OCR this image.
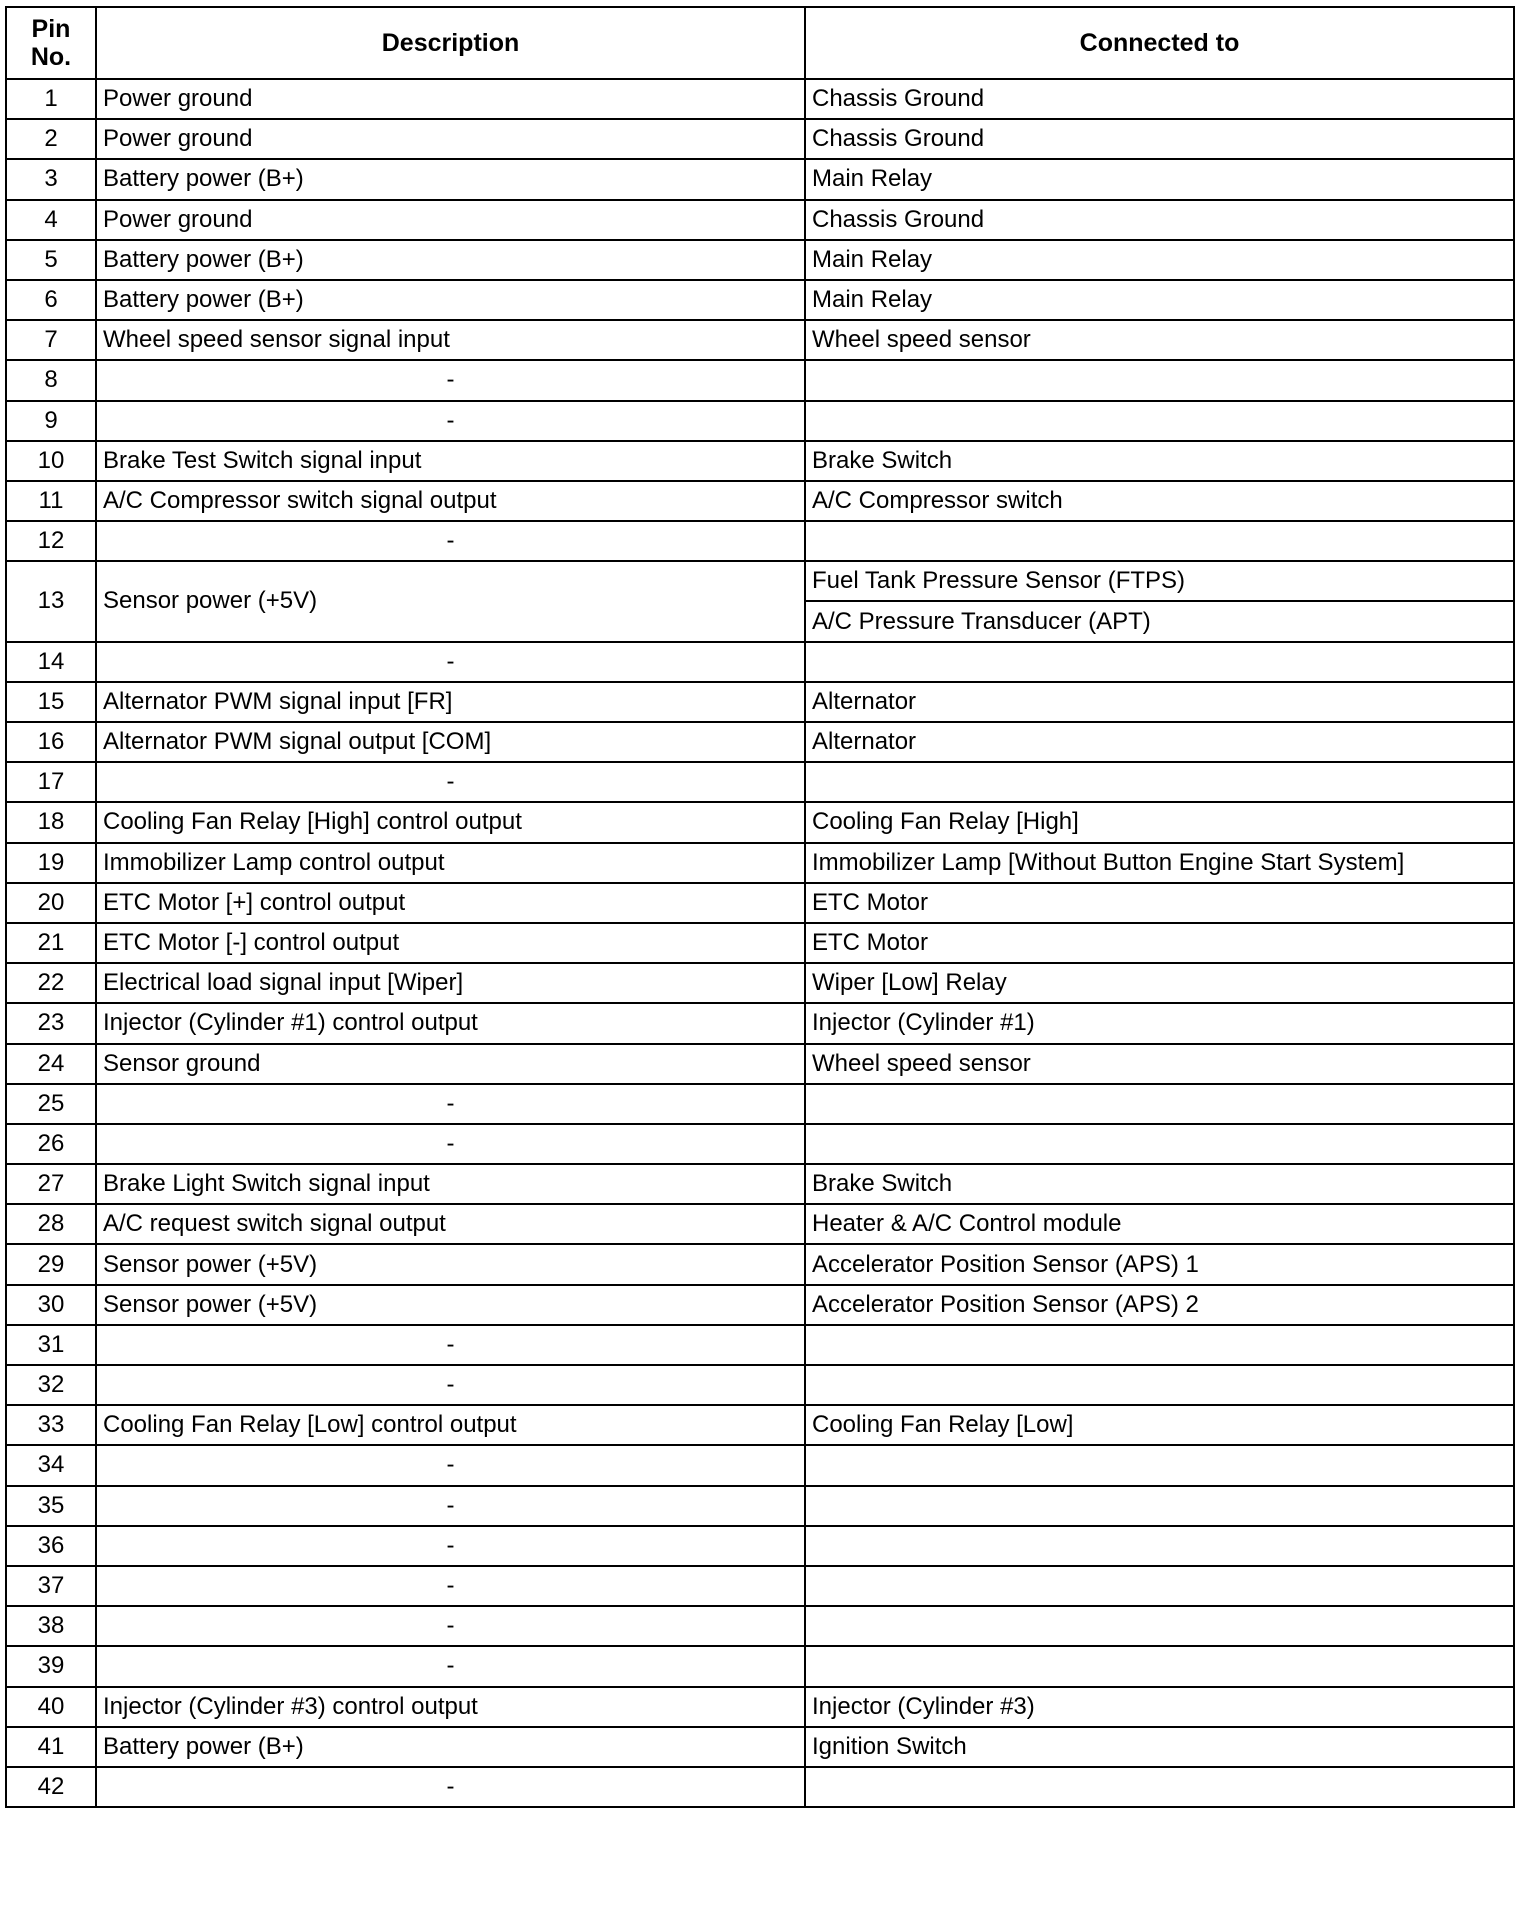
Pin
No.	Description	Connected to
1	Power ground	Chassis Ground
2	Power ground	Chassis Ground
3	Battery power (B+)	Main Relay
4	Power ground	Chassis Ground
5	Battery power (B+)	Main Relay
6	Battery power (B+)	Main Relay
7	Wheel speed sensor signal input	Wheel speed sensor
8	-	
9	-	
10	Brake Test Switch signal input	Brake Switch
11	A/C Compressor switch signal output	A/C Compressor switch
12	-	
13	Sensor power (+5V)	Fuel Tank Pressure Sensor (FTPS)
		A/C Pressure Transducer (APT)
14	-	
15	Alternator PWM signal input [FR]	Alternator
16	Alternator PWM signal output [COM]	Alternator
17	-	
18	Cooling Fan Relay [High] control output	Cooling Fan Relay [High]
19	Immobilizer Lamp control output	Immobilizer Lamp [Without Button Engine Start System]
20	ETC Motor [+] control output	ETC Motor
21	ETC Motor [-] control output	ETC Motor
22	Electrical load signal input [Wiper]	Wiper [Low] Relay
23	Injector (Cylinder #1) control output	Injector (Cylinder #1)
24	Sensor ground	Wheel speed sensor
25	-	
26	-	
27	Brake Light Switch signal input	Brake Switch
28	A/C request switch signal output	Heater & A/C Control module
29	Sensor power (+5V)	Accelerator Position Sensor (APS) 1
30	Sensor power (+5V)	Accelerator Position Sensor (APS) 2
31	-	
32	-	
33	Cooling Fan Relay [Low] control output	Cooling Fan Relay [Low]
34	-	
35	-	
36	-	
37	-	
38	-	
39	-	
40	Injector (Cylinder #3) control output	Injector (Cylinder #3)
41	Battery power (B+)	Ignition Switch
42	-	
